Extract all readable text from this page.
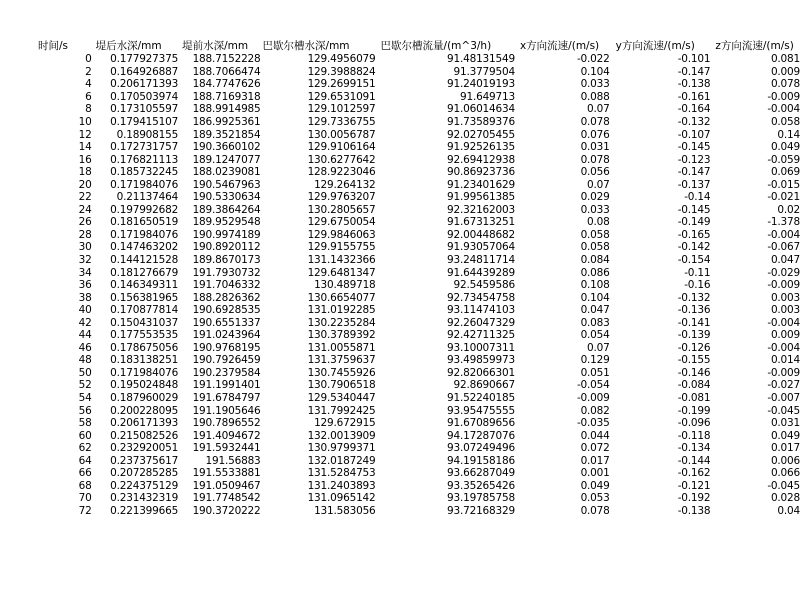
时间/s	堤后水深/mm	堤前水深/mm	巴歇尔槽水深/mm	巴歇尔槽流量/(m^3/h)	x方向流速/(m/s)	y方向流速/(m/s)	z方向流速/(m/s)
0	0.177927375	188.7152228	129.4956079	91.48131549	-0.022	-0.101	0.081
2	0.164926887	188.7066474	129.3988824	91.3779504	0.104	-0.147	0.009
4	0.206171393	184.7747626	129.2699151	91.24019193	0.033	-0.138	0.078
6	0.170503974	188.7169318	129.6531091	91.649713	0.088	-0.161	-0.009
8	0.173105597	188.9914985	129.1012597	91.06014634	0.07	-0.164	-0.004
10	0.179415107	186.9925361	129.7336755	91.73589376	0.078	-0.132	0.058
12	0.18908155	189.3521854	130.0056787	92.02705455	0.076	-0.107	0.14
14	0.172731757	190.3660102	129.9106164	91.92526135	0.031	-0.145	0.049
16	0.176821113	189.1247077	130.6277642	92.69412938	0.078	-0.123	-0.059
18	0.185732245	188.0239081	128.9223046	90.86923736	0.056	-0.147	0.069
20	0.171984076	190.5467963	129.264132	91.23401629	0.07	-0.137	-0.015
22	0.21137464	190.5330634	129.9763207	91.99561385	0.029	-0.14	-0.021
24	0.197992682	189.3864264	130.2805657	92.32162003	0.033	-0.145	0.02
26	0.181650519	189.9529548	129.6750054	91.67313251	0.08	-0.149	-1.378
28	0.171984076	190.9974189	129.9846063	92.00448682	0.058	-0.165	-0.004
30	0.147463202	190.8920112	129.9155755	91.93057064	0.058	-0.142	-0.067
32	0.144121528	189.8670173	131.1432366	93.24811714	0.084	-0.154	0.047
34	0.181276679	191.7930732	129.6481347	91.64439289	0.086	-0.11	-0.029
36	0.146349311	191.7046332	130.489718	92.5459586	0.108	-0.16	-0.009
38	0.156381965	188.2826362	130.6654077	92.73454758	0.104	-0.132	0.003
40	0.170877814	190.6928535	131.0192285	93.11474103	0.047	-0.136	0.003
42	0.150431037	190.6551337	130.2235284	92.26047329	0.083	-0.141	-0.004
44	0.177553535	191.0243964	130.3789392	92.42711325	0.054	-0.139	0.009
46	0.178675056	190.9768195	131.0055871	93.10007311	0.07	-0.126	-0.004
48	0.183138251	190.7926459	131.3759637	93.49859973	0.129	-0.155	0.014
50	0.171984076	190.2379584	130.7455926	92.82066301	0.051	-0.146	-0.009
52	0.195024848	191.1991401	130.7906518	92.8690667	-0.054	-0.084	-0.027
54	0.187960029	191.6784797	129.5340447	91.52240185	-0.009	-0.081	-0.007
56	0.200228095	191.1905646	131.7992425	93.95475555	0.082	-0.199	-0.045
58	0.206171393	190.7896552	129.672915	91.67089656	-0.035	-0.096	0.031
60	0.215082526	191.4094672	132.0013909	94.17287076	0.044	-0.118	0.049
62	0.232920051	191.5932441	130.9799371	93.07249496	0.072	-0.134	0.017
64	0.237375617	191.56883	132.0187249	94.19158186	0.017	-0.144	0.006
66	0.207285285	191.5533881	131.5284753	93.66287049	0.001	-0.162	0.066
68	0.224375129	191.0509467	131.2403893	93.35265426	0.049	-0.121	-0.045
70	0.231432319	191.7748542	131.0965142	93.19785758	0.053	-0.192	0.028
72	0.221399665	190.3720222	131.583056	93.72168329	0.078	-0.138	0.04
